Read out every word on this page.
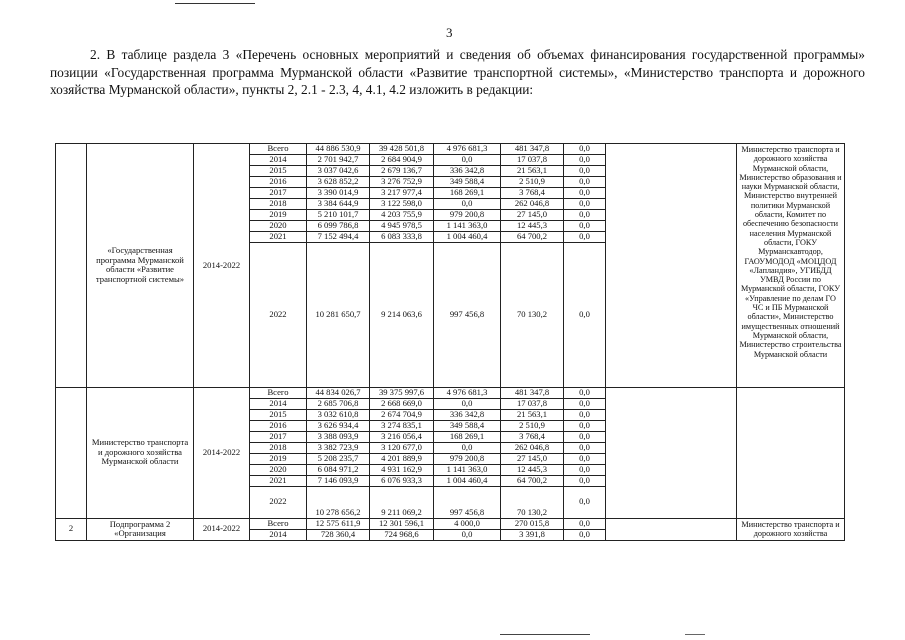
3
2. В таблице раздела 3 «Перечень основных мероприятий и сведения об объемах финансирования государственной программы» позиции «Государственная программа Мурманской области «Развитие транспортной системы», «Министерство транспорта и дорожного хозяйства Мурманской области», пункты 2, 2.1 - 2.3, 4, 4.1, 4.2 изложить в редакции:
	«Государственная программа Мурманской области «Развитие транспортной системы»	2014-2022	Всего	44 886 530,9	39 428 501,8	4 976 681,3	481 347,8	0,0		Министерство транспорта и дорожного хозяйства Мурманской области, Министерство образования и науки Мурманской области, Министерство внутренней политики Мурманской области, Комитет по обеспечению безопасности населения Мурманской области, ГОКУ Мурманскавтодор, ГАОУМОДОД «МОЦДОД «Лапландия», УГИБДД УМВД России по Мурманской области, ГОКУ «Управление по делам ГО ЧС и ПБ Мурманской области», Министерство имущественных отношений Мурманской области, Министерство строительства Мурманской области
			2014	2 701 942,7	2 684 904,9	0,0	17 037,8	0,0		
			2015	3 037 042,6	2 679 136,7	336 342,8	21 563,1	0,0		
			2016	3 628 852,2	3 276 752,9	349 588,4	2 510,9	0,0		
			2017	3 390 014,9	3 217 977,4	168 269,1	3 768,4	0,0		
			2018	3 384 644,9	3 122 598,0	0,0	262 046,8	0,0		
			2019	5 210 101,7	4 203 755,9	979 200,8	27 145,0	0,0		
			2020	6 099 786,8	4 945 978,5	1 141 363,0	12 445,3	0,0		
			2021	7 152 494,4	6 083 333,8	1 004 460,4	64 700,2	0,0		
			2022	10 281 650,7	9 214 063,6	997 456,8	70 130,2	0,0		
	Министерство транспорта и дорожного хозяйства Мурманской области	2014-2022	Всего	44 834 026,7	39 375 997,6	4 976 681,3	481 347,8	0,0		
			2014	2 685 706,8	2 668 669,0	0,0	17 037,8	0,0		
			2015	3 032 610,8	2 674 704,9	336 342,8	21 563,1	0,0		
			2016	3 626 934,4	3 274 835,1	349 588,4	2 510,9	0,0		
			2017	3 388 093,9	3 216 056,4	168 269,1	3 768,4	0,0		
			2018	3 382 723,9	3 120 677,0	0,0	262 046,8	0,0		
			2019	5 208 235,7	4 201 889,9	979 200,8	27 145,0	0,0		
			2020	6 084 971,2	4 931 162,9	1 141 363,0	12 445,3	0,0		
			2021	7 146 093,9	6 076 933,3	1 004 460,4	64 700,2	0,0		
			2022	10 278 656,2	9 211 069,2	997 456,8	70 130,2	0,0		
2	Подпрограмма 2 «Организация	2014-2022	Всего	12 575 611,9	12 301 596,1	4 000,0	270 015,8	0,0		Министерство транспорта и дорожного хозяйства
			2014	728 360,4	724 968,6	0,0	3 391,8	0,0		
